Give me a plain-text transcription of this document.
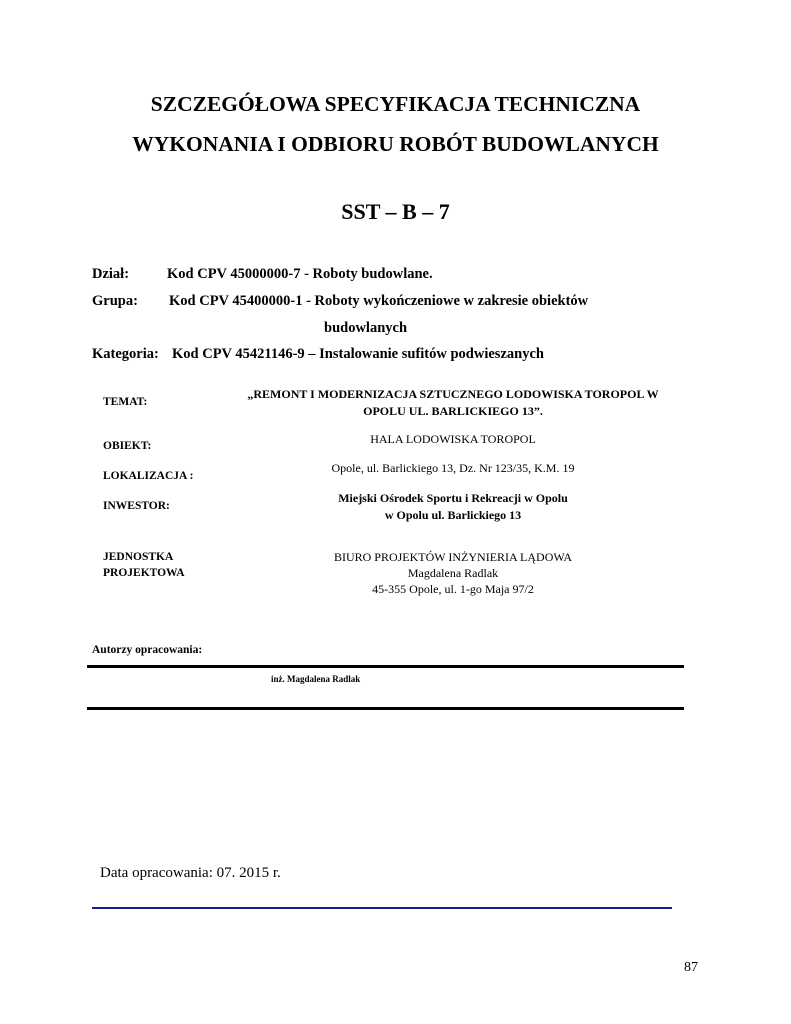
SZCZEGÓŁOWA SPECYFIKACJA TECHNICZNA
WYKONANIA I ODBIORU ROBÓT BUDOWLANYCH
SST – B – 7
Dział:	Kod CPV 45000000-7 - Roboty budowlane.
Grupa: Kod CPV 45400000-1 - Roboty wykończeniowe w zakresie obiektów
budowlanych
Kategoria: Kod CPV 45421146-9 – Instalowanie sufitów podwieszanych
TEMAT:
„REMONT I MODERNIZACJA SZTUCZNEGO LODOWISKA TOROPOL W
OPOLU UL. BARLICKIEGO 13”.
OBIEKT:	HALA LODOWISKA TOROPOL
LOKALIZACJA :
Opole, ul. Barlickiego 13, Dz. Nr 123/35, K.M. 19
INWESTOR:
Miejski Ośrodek Sportu i Rekreacji w Opolu
w Opolu ul. Barlickiego 13
JEDNOSTKA
PROJEKTOWA
BIURO PROJEKTÓW INŻYNIERIA LĄDOWA
Magdalena Radlak
45-355 Opole, ul. 1-go Maja 97/2
Autorzy opracowania:
inż. Magdalena Radlak
Data opracowania: 07. 2015 r.
87
